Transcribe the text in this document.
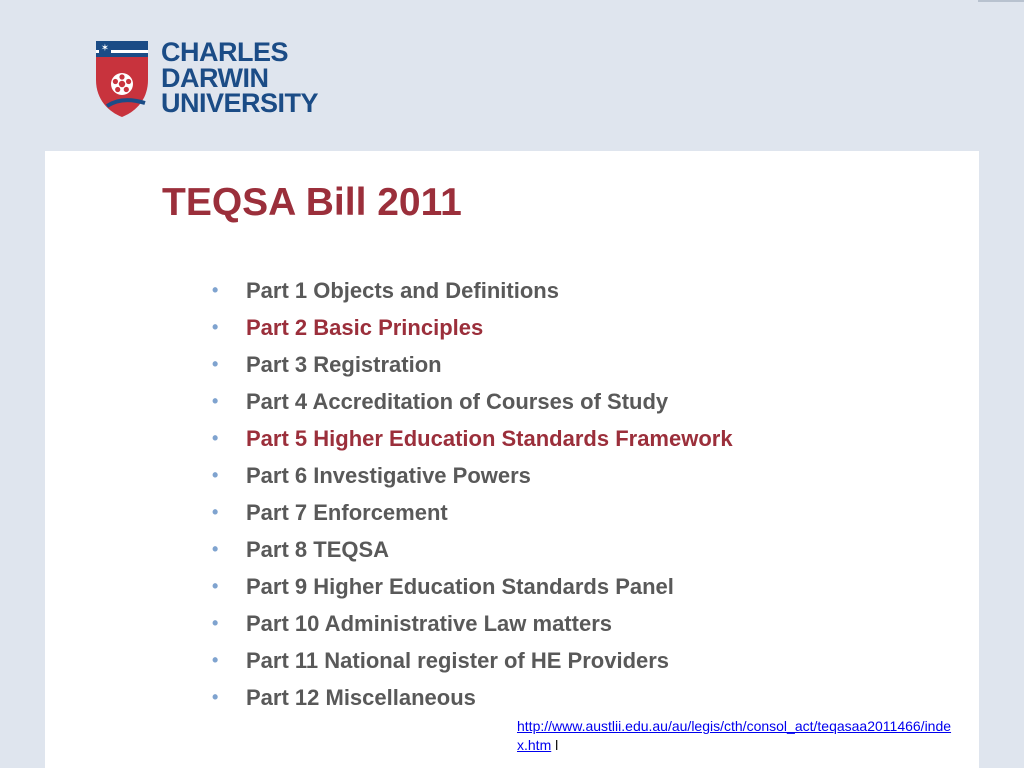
✶ CHARLES
DARWIN
UNIVERSITY
TEQSA Bill 2011
•	Part 1 Objects and Definitions
•	Part 2 Basic Principles
•	Part 3 Registration
•	Part 4 Accreditation of Courses of Study
•	Part 5 Higher Education Standards Framework
•	Part 6 Investigative Powers
•	Part 7 Enforcement
•	Part 8 TEQSA
•	Part 9 Higher Education Standards Panel
•	Part 10 Administrative Law matters
•	Part 11 National register of HE Providers
•	Part 12 Miscellaneous
http://www.austlii.edu.au/au/legis/cth/consol_act/teqasaa2011466/index.htm l
